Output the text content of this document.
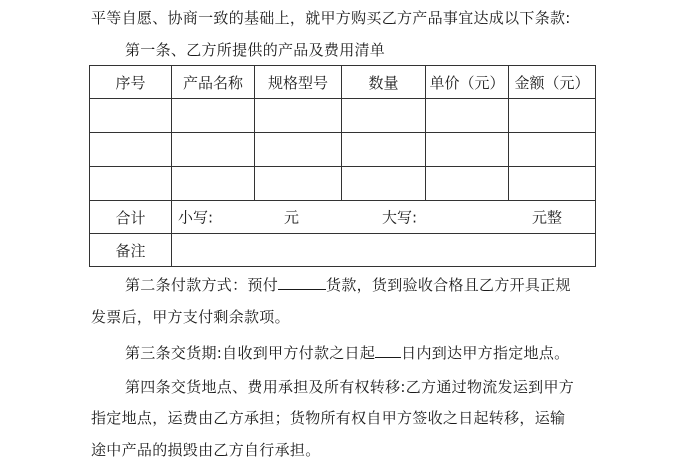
平等自愿、协商一致的基础上，就甲方购买乙方产品事宜达成以下条款:
第一条、乙方所提供的产品及费用清单
序号	产品名称	规格型号	数量	单价（元）	金额（元）

合计	小写: 元 大写: 元整				

备注					
第二条付款方式：预付	货款，货到验收合格且乙方开具正规
发票后，甲方支付剩余款项。
第三条交货期:自收到甲方付款之日起 日内到达甲方指定地点。
第四条交货地点、费用承担及所有权转移:乙方通过物流发运到甲方
指定地点，运费由乙方承担；货物所有权自甲方签收之日起转移，运输
途中产品的损毁由乙方自行承担。
